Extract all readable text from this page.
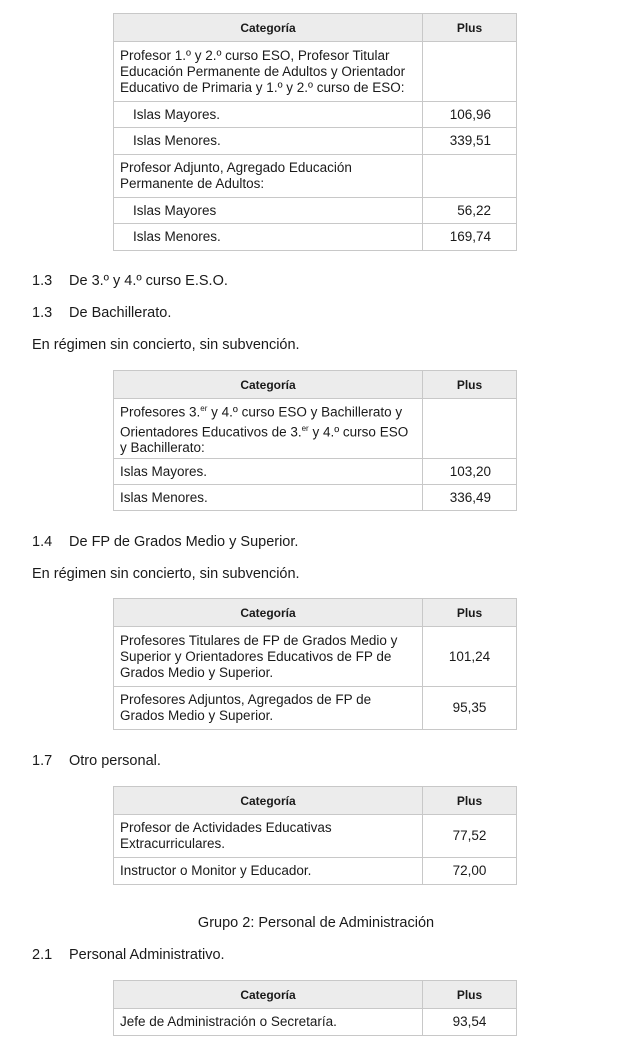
Categoría	Plus
Profesor 1.º y 2.º curso ESO, Profesor Titular Educación Permanente de Adultos y Orientador Educativo de Primaria y 1.º y 2.º curso de ESO:	
Islas Mayores.	106,96
Islas Menores.	339,51
Profesor Adjunto, Agregado Educación Permanente de Adultos:	
Islas Mayores	56,22
Islas Menores.	169,74
1.3 De 3.º y 4.º curso E.S.O.
1.3 De Bachillerato.
En régimen sin concierto, sin subvención.
Categoría	Plus
Profesores 3.$^{er}$ y 4.º curso ESO y Bachillerato y Orientadores Educativos de 3.$^{er}$ y 4.º curso ESO y Bachillerato:	
Islas Mayores.	103,20
Islas Menores.	336,49
1.4 De FP de Grados Medio y Superior.
En régimen sin concierto, sin subvención.
Categoría	Plus
Profesores Titulares de FP de Grados Medio y Superior y Orientadores Educativos de FP de Grados Medio y Superior.	101,24
Profesores Adjuntos, Agregados de FP de Grados Medio y Superior.	95,35
1.7 Otro personal.
Categoría	Plus
Profesor de Actividades Educativas Extracurriculares.	77,52
Instructor o Monitor y Educador.	72,00
Grupo 2: Personal de Administración
2.1 Personal Administrativo.
Categoría	Plus
Jefe de Administración o Secretaría.	93,54
